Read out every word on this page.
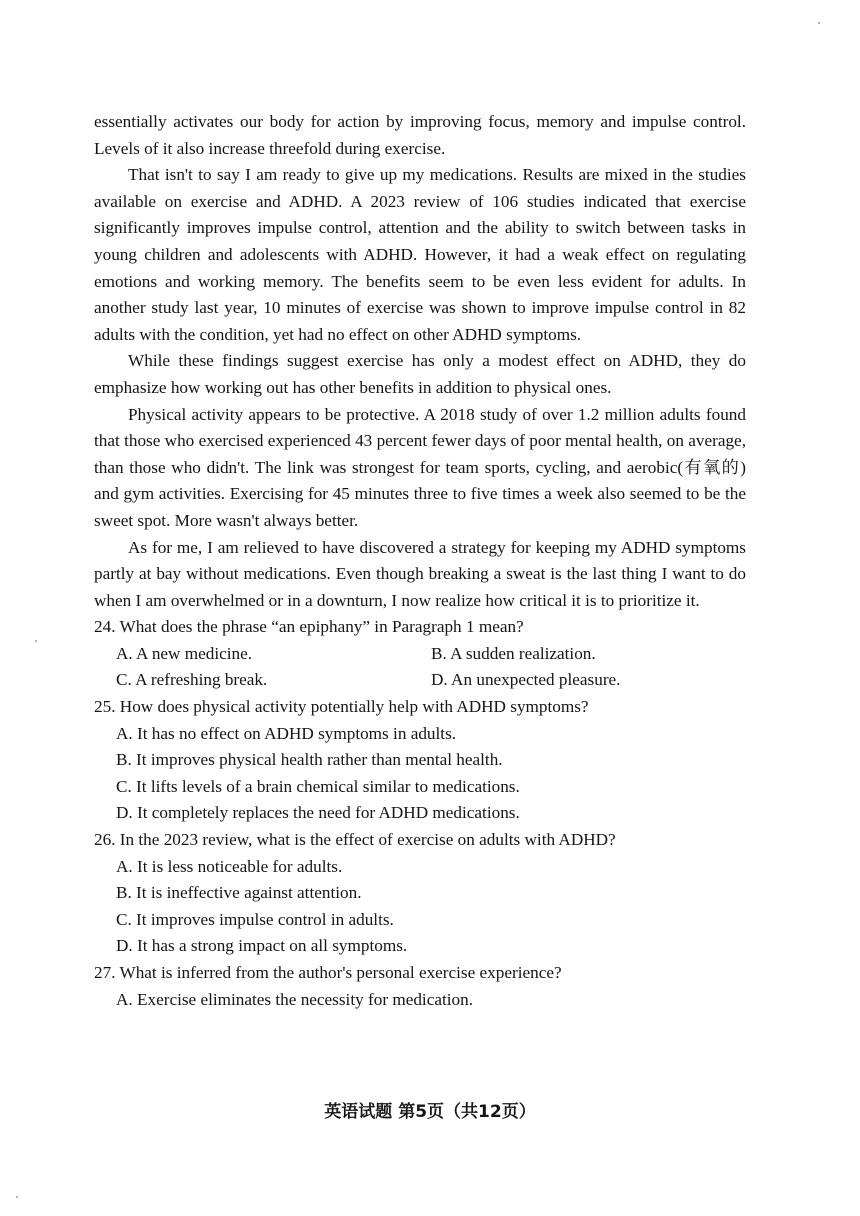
essentially activates our body for action by improving focus, memory and impulse control. Levels of it also increase threefold during exercise.

That isn't to say I am ready to give up my medications. Results are mixed in the studies available on exercise and ADHD. A 2023 review of 106 studies indicated that exercise significantly improves impulse control, attention and the ability to switch between tasks in young children and adolescents with ADHD. However, it had a weak effect on regulating emotions and working memory. The benefits seem to be even less evident for adults. In another study last year, 10 minutes of exercise was shown to improve impulse control in 82 adults with the condition, yet had no effect on other ADHD symptoms.

While these findings suggest exercise has only a modest effect on ADHD, they do emphasize how working out has other benefits in addition to physical ones.

Physical activity appears to be protective. A 2018 study of over 1.2 million adults found that those who exercised experienced 43 percent fewer days of poor mental health, on average, than those who didn't. The link was strongest for team sports, cycling, and aerobic(有氧的) and gym activities. Exercising for 45 minutes three to five times a week also seemed to be the sweet spot. More wasn't always better.

As for me, I am relieved to have discovered a strategy for keeping my ADHD symptoms partly at bay without medications. Even though breaking a sweat is the last thing I want to do when I am overwhelmed or in a downturn, I now realize how critical it is to prioritize it.

24. What does the phrase “an epiphany” in Paragraph 1 mean?

A. A new medicine.	B. A sudden realization.
C. A refreshing break.	D. An unexpected pleasure.

25. How does physical activity potentially help with ADHD symptoms?

A. It has no effect on ADHD symptoms in adults.

B. It improves physical health rather than mental health.

C. It lifts levels of a brain chemical similar to medications.

D. It completely replaces the need for ADHD medications.

26. In the 2023 review, what is the effect of exercise on adults with ADHD?

A. It is less noticeable for adults.

B. It is ineffective against attention.

C. It improves impulse control in adults.

D. It has a strong impact on all symptoms.

27. What is inferred from the author's personal exercise experience?

A. Exercise eliminates the necessity for medication.

英语试题 第5页（共12页）
